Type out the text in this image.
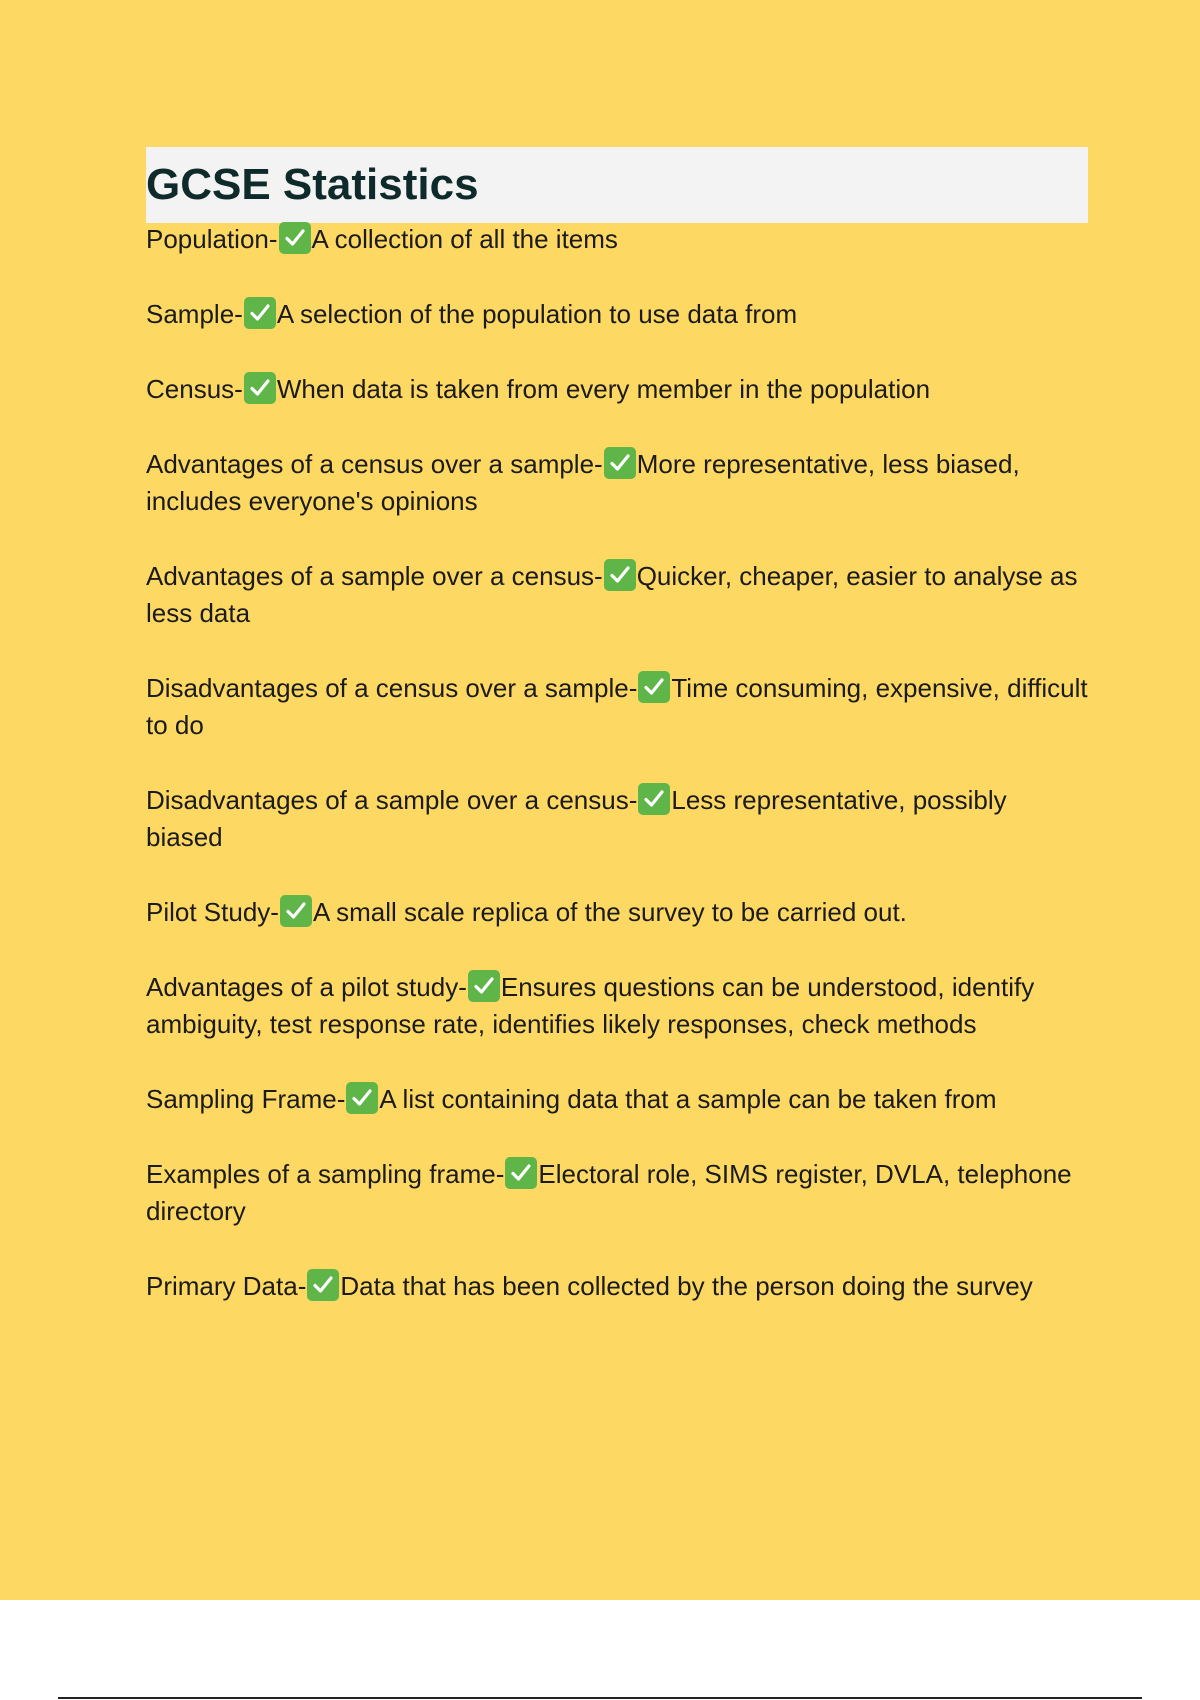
GCSE Statistics

Population- A collection of all the items

Sample- A selection of the population to use data from

Census- When data is taken from every member in the population

Advantages of a census over a sample- More representative, less biased, includes everyone's opinions

Advantages of a sample over a census- Quicker, cheaper, easier to analyse as less data

Disadvantages of a census over a sample- Time consuming, expensive, difficult to do

Disadvantages of a sample over a census- Less representative, possibly biased

Pilot Study- A small scale replica of the survey to be carried out.

Advantages of a pilot study- Ensures questions can be understood, identify ambiguity, test response rate, identifies likely responses, check methods

Sampling Frame- A list containing data that a sample can be taken from

Examples of a sampling frame- Electoral role, SIMS register, DVLA, telephone directory

Primary Data- Data that has been collected by the person doing the survey
